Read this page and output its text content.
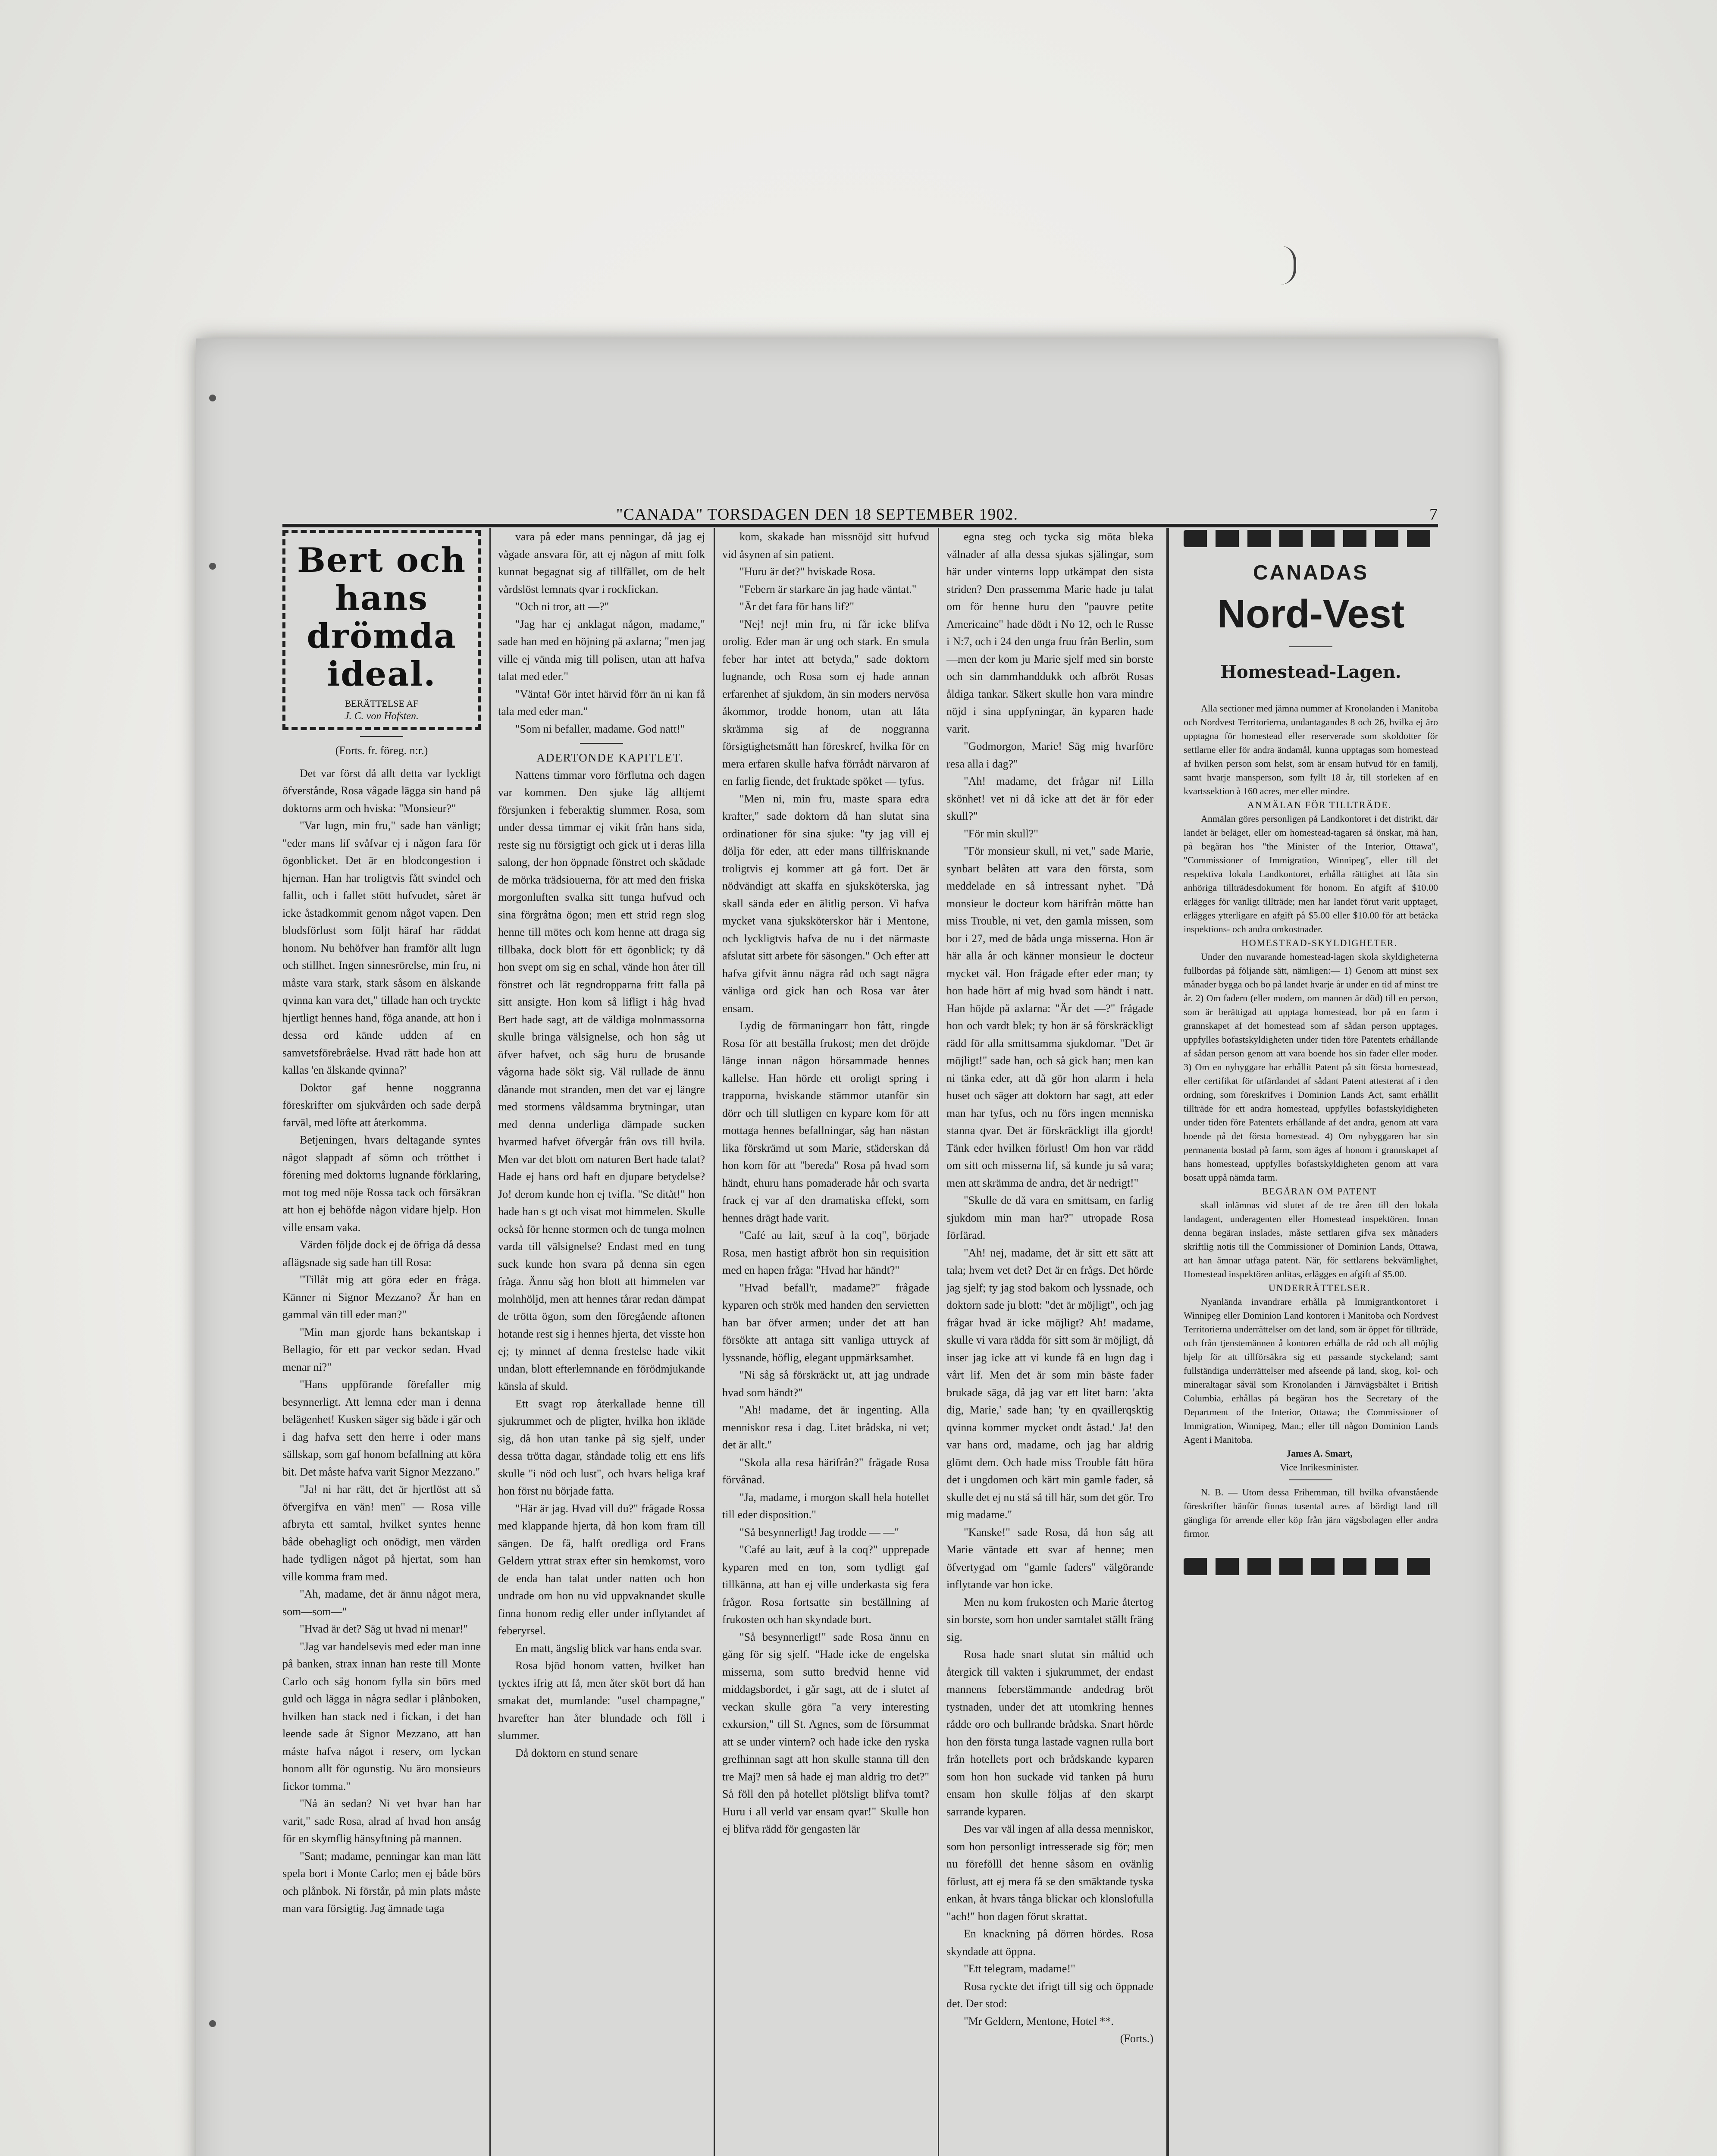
"CANADA" TORSDAGEN DEN 18 SEPTEMBER 1902.	7
Bert och hans
drömda ideal.
BERÄTTELSE AF
J. C. von Hofsten.
(Forts. fr. föreg. n:r.)

Det var först då allt detta var lyckligt öfverstånde, Rosa vågade lägga sin hand på doktorns arm och hviska: "Monsieur?"

"Var lugn, min fru," sade han vänligt; "eder mans lif svåfvar ej i någon fara för ögonblicket. Det är en blodcongestion i hjernan. Han har troligtvis fått svindel och fallit, och i fallet stött hufvudet, såret är icke åstadkommit genom något vapen. Den blodsförlust som följt häraf har räddat honom. Nu behöfver han framför allt lugn och stillhet. Ingen sinnesrörelse, min fru, ni måste vara stark, stark såsom en älskande qvinna kan vara det," tillade han och tryckte hjertligt hennes hand, föga anande, att hon i dessa ord kände udden af en samvetsförebråelse. Hvad rätt hade hon att kallas 'en älskande qvinna?'

Doktor gaf henne noggranna föreskrifter om sjukvården och sade derpå farväl, med löfte att återkomma.

Betjeningen, hvars deltagande syntes något slappadt af sömn och trötthet i förening med doktorns lugnande förklaring, mot tog med nöje Rossa tack och försäkran att hon ej behöfde någon vidare hjelp. Hon ville ensam vaka.

Värden följde dock ej de öfriga då dessa aflägsnade sig sade han till Rosa:

"Tillåt mig att göra eder en fråga. Känner ni Signor Mezzano? Är han en gammal vän till eder man?"

"Min man gjorde hans bekantskap i Bellagio, för ett par veckor sedan. Hvad menar ni?"

"Hans uppförande förefaller mig besynnerligt. Att lemna eder man i denna belägenhet! Kusken säger sig både i går och i dag hafva sett den herre i oder mans sällskap, som gaf honom befallning att köra bit. Det måste hafva varit Signor Mezzano."

"Ja! ni har rätt, det är hjertlöst att så öfvergifva en vän! men" — Rosa ville afbryta ett samtal, hvilket syntes henne både obehagligt och onödigt, men värden hade tydligen något på hjertat, som han ville komma fram med.

"Ah, madame, det är ännu något mera, som—som—"

"Hvad är det? Säg ut hvad ni menar!"

"Jag var handelsevis med eder man inne på banken, strax innan han reste till Monte Carlo och såg honom fylla sin börs med guld och lägga in några sedlar i plånboken, hvilken han stack ned i fickan, i det han leende sade åt Signor Mezzano, att han måste hafva något i reserv, om lyckan honom allt för ogunstig. Nu äro monsieurs fickor tomma."

"Nå än sedan? Ni vet hvar han har varit," sade Rosa, alrad af hvad hon ansåg för en skymflig hänsyftning på mannen.

"Sant; madame, penningar kan man lätt spela bort i Monte Carlo; men ej både börs och plånbok. Ni förstår, på min plats måste man vara försigtig. Jag ämnade taga

vara på eder mans penningar, då jag ej vågade ansvara för, att ej någon af mitt folk kunnat begagnat sig af tillfället, om de helt vårdslöst lemnats qvar i rockfickan.

"Och ni tror, att —?"

"Jag har ej anklagat någon, madame," sade han med en höjning på axlarna; "men jag ville ej vända mig till polisen, utan att hafva talat med eder."

"Vänta! Gör intet härvid förr än ni kan få tala med eder man."

"Som ni befaller, madame. God natt!"

ADERTONDE KAPITLET.

Nattens timmar voro förflutna och dagen var kommen. Den sjuke låg alltjemt försjunken i feberaktig slummer. Rosa, som under dessa timmar ej vikit från hans sida, reste sig nu försigtigt och gick ut i deras lilla salong, der hon öppnade fönstret och skådade de mörka trädsiouerna, för att med den friska morgonluften svalka sitt tunga hufvud och sina förgråtna ögon; men ett strid regn slog henne till mötes och kom henne att draga sig tillbaka, dock blott för ett ögonblick; ty då hon svept om sig en schal, vände hon åter till fönstret och lät regndropparna fritt falla på sitt ansigte. Hon kom så lifligt i håg hvad Bert hade sagt, att de väldiga molnmassorna skulle bringa välsignelse, och hon såg ut öfver hafvet, och såg huru de brusande vågorna hade sökt sig. Väl rullade de ännu dånande mot stranden, men det var ej längre med stormens våldsamma brytningar, utan med denna underliga dämpade sucken hvarmed hafvet öfvergår från ovs till hvila. Men var det blott om naturen Bert hade talat? Hade ej hans ord haft en djupare betydelse? Jo! derom kunde hon ej tvifla. "Se ditåt!" hon hade han s gt och visat mot himmelen. Skulle också för henne stormen och de tunga molnen varda till välsignelse? Endast med en tung suck kunde hon svara på denna sin egen fråga. Ännu såg hon blott att himmelen var molnhöljd, men att hennes tårar redan dämpat de trötta ögon, som den föregående aftonen hotande rest sig i hennes hjerta, det visste hon ej; ty minnet af denna frestelse hade vikit undan, blott efterlemnande en förödmjukande känsla af skuld.

Ett svagt rop återkallade henne till sjukrummet och de pligter, hvilka hon ikläde sig, då hon utan tanke på sig sjelf, under dessa trötta dagar, ståndade tolig ett ens lifs skulle "i nöd och lust", och hvars heliga kraf hon först nu började fatta.

"Här är jag. Hvad vill du?" frågade Rossa med klappande hjerta, då hon kom fram till sängen. De få, halft oredliga ord Frans Geldern yttrat strax efter sin hemkomst, voro de enda han talat under natten och hon undrade om hon nu vid uppvaknandet skulle finna honom redig eller under inflytandet af feberyrsel.

En matt, ängslig blick var hans enda svar.

Rosa bjöd honom vatten, hvilket han tycktes ifrig att få, men åter sköt bort då han smakat det, mumlande: "usel champagne," hvarefter han åter blundade och föll i slummer.

Då doktorn en stund senare

kom, skakade han missnöjd sitt hufvud vid åsynen af sin patient.

"Huru är det?" hviskade Rosa.

"Febern är starkare än jag hade väntat."

"Är det fara för hans lif?"

"Nej! nej! min fru, ni får icke blifva orolig. Eder man är ung och stark. En smula feber har intet att betyda," sade doktorn lugnande, och Rosa som ej hade annan erfarenhet af sjukdom, än sin moders nervösa åkommor, trodde honom, utan att låta skrämma sig af de noggranna försigtighetsmått han föreskref, hvilka för en mera erfaren skulle hafva förrådt närvaron af en farlig fiende, det fruktade spöket — tyfus.

"Men ni, min fru, maste spara edra krafter," sade doktorn då han slutat sina ordinationer för sina sjuke: "ty jag vill ej dölja för eder, att eder mans tillfrisknande troligtvis ej kommer att gå fort. Det är nödvändigt att skaffa en sjuksköterska, jag skall sända eder en älitlig person. Vi hafva mycket vana sjuksköterskor här i Mentone, och lyckligtvis hafva de nu i det närmaste afslutat sitt arbete för säsongen." Och efter att hafva gifvit ännu några råd och sagt några vänliga ord gick han och Rosa var åter ensam.

Lydig de förmaningarr hon fått, ringde Rosa för att beställa frukost; men det dröjde länge innan någon hörsammade hennes kallelse. Han hörde ett oroligt spring i trapporna, hviskande stämmor utanför sin dörr och till slutligen en kypare kom för att mottaga hennes befallningar, såg han nästan lika förskrämd ut som Marie, städerskan då hon kom för att "bereda" Rosa på hvad som händt, ehuru hans pomaderade hår och svarta frack ej var af den dramatiska effekt, som hennes drägt hade varit.

"Café au lait, sæuf à la coq", började Rosa, men hastigt afbröt hon sin requisition med en hapen fråga: "Hvad har händt?"

"Hvad befall'r, madame?" frågade kyparen och strök med handen den servietten han bar öfver armen; under det att han försökte att antaga sitt vanliga uttryck af lyssnande, höflig, elegant uppmärksamhet.

"Ni såg så förskräckt ut, att jag undrade hvad som händt?"

"Ah! madame, det är ingenting. Alla menniskor resa i dag. Litet brådska, ni vet; det är allt."

"Skola alla resa härifrån?" frågade Rosa förvånad.

"Ja, madame, i morgon skall hela hotellet till eder disposition."

"Så besynnerligt! Jag trodde — —"

"Café au lait, æuf à la coq?" upprepade kyparen med en ton, som tydligt gaf tillkänna, att han ej ville underkasta sig fera frågor. Rosa fortsatte sin beställning af frukosten och han skyndade bort.

"Så besynnerligt!" sade Rosa ännu en gång för sig sjelf. "Hade icke de engelska misserna, som sutto bredvid henne vid middagsbordet, i går sagt, att de i slutet af veckan skulle göra "a very interesting exkursion," till St. Agnes, som de försummat att se under vintern? och hade icke den ryska grefhinnan sagt att hon skulle stanna till den tre Maj? men så hade ej man aldrig tro det?" Så föll den på hotellet plötsligt blifva tomt? Huru i all verld var ensam qvar!" Skulle hon ej blifva rädd för gengasten lär

egna steg och tycka sig möta bleka vålnader af alla dessa sjukas själingar, som här under vinterns lopp utkämpat den sista striden? Den prassemma Marie hade ju talat om för henne huru den "pauvre petite Americaine" hade dödt i No 12, och le Russe i N:7, och i 24 den unga fruu från Berlin, som —men der kom ju Marie sjelf med sin borste och sin dammhanddukk och afbröt Rosas åldiga tankar. Säkert skulle hon vara mindre nöjd i sina uppfyningar, än kyparen hade varit.

"Godmorgon, Marie! Säg mig hvarföre resa alla i dag?"

"Ah! madame, det frågar ni! Lilla skönhet! vet ni då icke att det är för eder skull?"

"För min skull?"

"För monsieur skull, ni vet," sade Marie, synbart belåten att vara den första, som meddelade en så intressant nyhet. "Då monsieur le docteur kom härifrån mötte han miss Trouble, ni vet, den gamla missen, som bor i 27, med de båda unga misserna. Hon är här alla år och känner monsieur le docteur mycket väl. Hon frågade efter eder man; ty hon hade hört af mig hvad som händt i natt. Han höjde på axlarna: "Är det —?" frågade hon och vardt blek; ty hon är så förskräckligt rädd för alla smittsamma sjukdomar. "Det är möjligt!" sade han, och så gick han; men kan ni tänka eder, att då gör hon alarm i hela huset och säger att doktorn har sagt, att eder man har tyfus, och nu förs ingen menniska stanna qvar. Det är förskräckligt illa gjordt! Tänk eder hvilken förlust! Om hon var rädd om sitt och misserna lif, så kunde ju så vara; men att skrämma de andra, det är nedrigt!"

"Skulle de då vara en smittsam, en farlig sjukdom min man har?" utropade Rosa förfärad.

"Ah! nej, madame, det är sitt ett sätt att tala; hvem vet det? Det är en frågs. Det hörde jag sjelf; ty jag stod bakom och lyssnade, och doktorn sade ju blott: "det är möjligt", och jag frågar hvad är icke möjligt? Ah! madame, skulle vi vara rädda för sitt som är möjligt, då inser jag icke att vi kunde få en lugn dag i vårt lif. Men det är som min bäste fader brukade säga, då jag var ett litet barn: 'akta dig, Marie,' sade han; 'ty en qvaillerqsktig qvinna kommer mycket ondt åstad.' Ja! den var hans ord, madame, och jag har aldrig glömt dem. Och hade miss Trouble fått höra det i ungdomen och kärt min gamle fader, så skulle det ej nu stå så till här, som det gör. Tro mig madame."

"Kanske!" sade Rosa, då hon såg att Marie väntade ett svar af henne; men öfvertygad om "gamle faders" välgörande inflytande var hon icke.

Men nu kom frukosten och Marie återtog sin borste, som hon under samtalet ställt fräng sig.

Rosa hade snart slutat sin måltid och återgick till vakten i sjukrummet, der endast mannens feberstämmande andedrag bröt tystnaden, under det att utomkring hennes rådde oro och bullrande brådska. Snart hörde hon den första tunga lastade vagnen rulla bort från hotellets port och brådskande kyparen som hon hon suckade vid tanken på huru ensam hon skulle följas af den skarpt sarrande kyparen.

Des var väl ingen af alla dessa menniskor, som hon personligt intresserade sig för; men nu förefölll det henne såsom en ovänlig förlust, att ej mera få se den smäktande tyska enkan, åt hvars tånga blickar och klonslofulla "ach!" hon dagen förut skrattat.

En knackning på dörren hördes. Rosa skyndade att öppna.

"Ett telegram, madame!"

Rosa ryckte det ifrigt till sig och öppnade det. Der stod:

"Mr Geldern, Mentone, Hotel **.

(Forts.)

CANADAS
Nord-Vest
Homestead-Lagen.

Alla sectioner med jämna nummer af Kronolanden i Manitoba och Nordvest Territorierna, undantagandes 8 och 26, hvilka ej äro upptagna för homestead eller reserverade som skoldotter för settlarne eller för andra ändamål, kunna upptagas som homestead af hvilken person som helst, som är ensam hufvud för en familj, samt hvarje mansperson, som fyllt 18 år, till storleken af en kvartssektion à 160 acres, mer eller mindre.

ANMÄLAN FÖR TILLTRÄDE.

Anmälan göres personligen på Landkontoret i det distrikt, där landet är beläget, eller om homestead-tagaren så önskar, må han, på begäran hos "the Minister of the Interior, Ottawa", "Commissioner of Immigration, Winnipeg", eller till det respektiva lokala Landkontoret, erhålla rättighet att låta sin anhöriga tillträdesdokument för honom. En afgift af $10.00 erlägges för vanligt tillträde; men har landet förut varit upptaget, erlägges ytterligare en afgift på $5.00 eller $10.00 för att betäcka inspektions- och andra omkostnader.

HOMESTEAD-SKYLDIGHETER.

Under den nuvarande homestead-lagen skola skyldigheterna fullbordas på följande sätt, nämligen:— 1) Genom att minst sex månader bygga och bo på landet hvarje år under en tid af minst tre år. 2) Om fadern (eller modern, om mannen är död) till en person, som är berättigad att upptaga homestead, bor på en farm i grannskapet af det homestead som af sådan person upptages, uppfylles bofastskyldigheten under tiden före Patentets erhållande af sådan person genom att vara boende hos sin fader eller moder. 3) Om en nybyggare har erhållit Patent på sitt första homestead, eller certifikat för utfärdandet af sådant Patent attesterat af i den ordning, som föreskrifves i Dominion Lands Act, samt erhållit tillträde för ett andra homestead, uppfylles bofastskyldigheten under tiden före Patentets erhållande af det andra, genom att vara boende på det första homestead. 4) Om nybyggaren har sin permanenta bostad på farm, som äges af honom i grannskapet af hans homestead, uppfylles bofastskyldigheten genom att vara bosatt uppå nämda farm.

BEGÄRAN OM PATENT

skall inlämnas vid slutet af de tre åren till den lokala landagent, underagenten eller Homestead inspektören. Innan denna begäran inslades, måste settlaren gifva sex månaders skriftlig notis till the Commissioner of Dominion Lands, Ottawa, att han ämnar utfaga patent. När, för settlarens bekvämlighet, Homestead inspektören anlitas, erlägges en afgift af $5.00.

UNDERRÄTTELSER.

Nyanlända invandrare erhålla på Immigrantkontoret i Winnipeg eller Dominion Land kontoren i Manitoba och Nordvest Territorierna underrättelser om det land, som är öppet för tillträde, och från tjenstemännen å kontoren erhålla de råd och all möjlig hjelp för att tillförsäkra sig ett passande styckeland; samt fullständiga underrättelser med afseende på land, skog, kol- och mineraltagar såväl som Kronolanden i Järnvägsbältet i British Columbia, erhållas på begäran hos the Secretary of the Department of the Interior, Ottawa; the Commissioner of Immigration, Winnipeg, Man.; eller till någon Dominion Lands Agent i Manitoba.

James A. Smart,

Vice Inrikesminister.

N. B. — Utom dessa Frihemman, till hvilka ofvanstående föreskrifter hänför finnas tusental acres af bördigt land till gängliga för arrende eller köp från järn vägsbolagen eller andra firmor.
